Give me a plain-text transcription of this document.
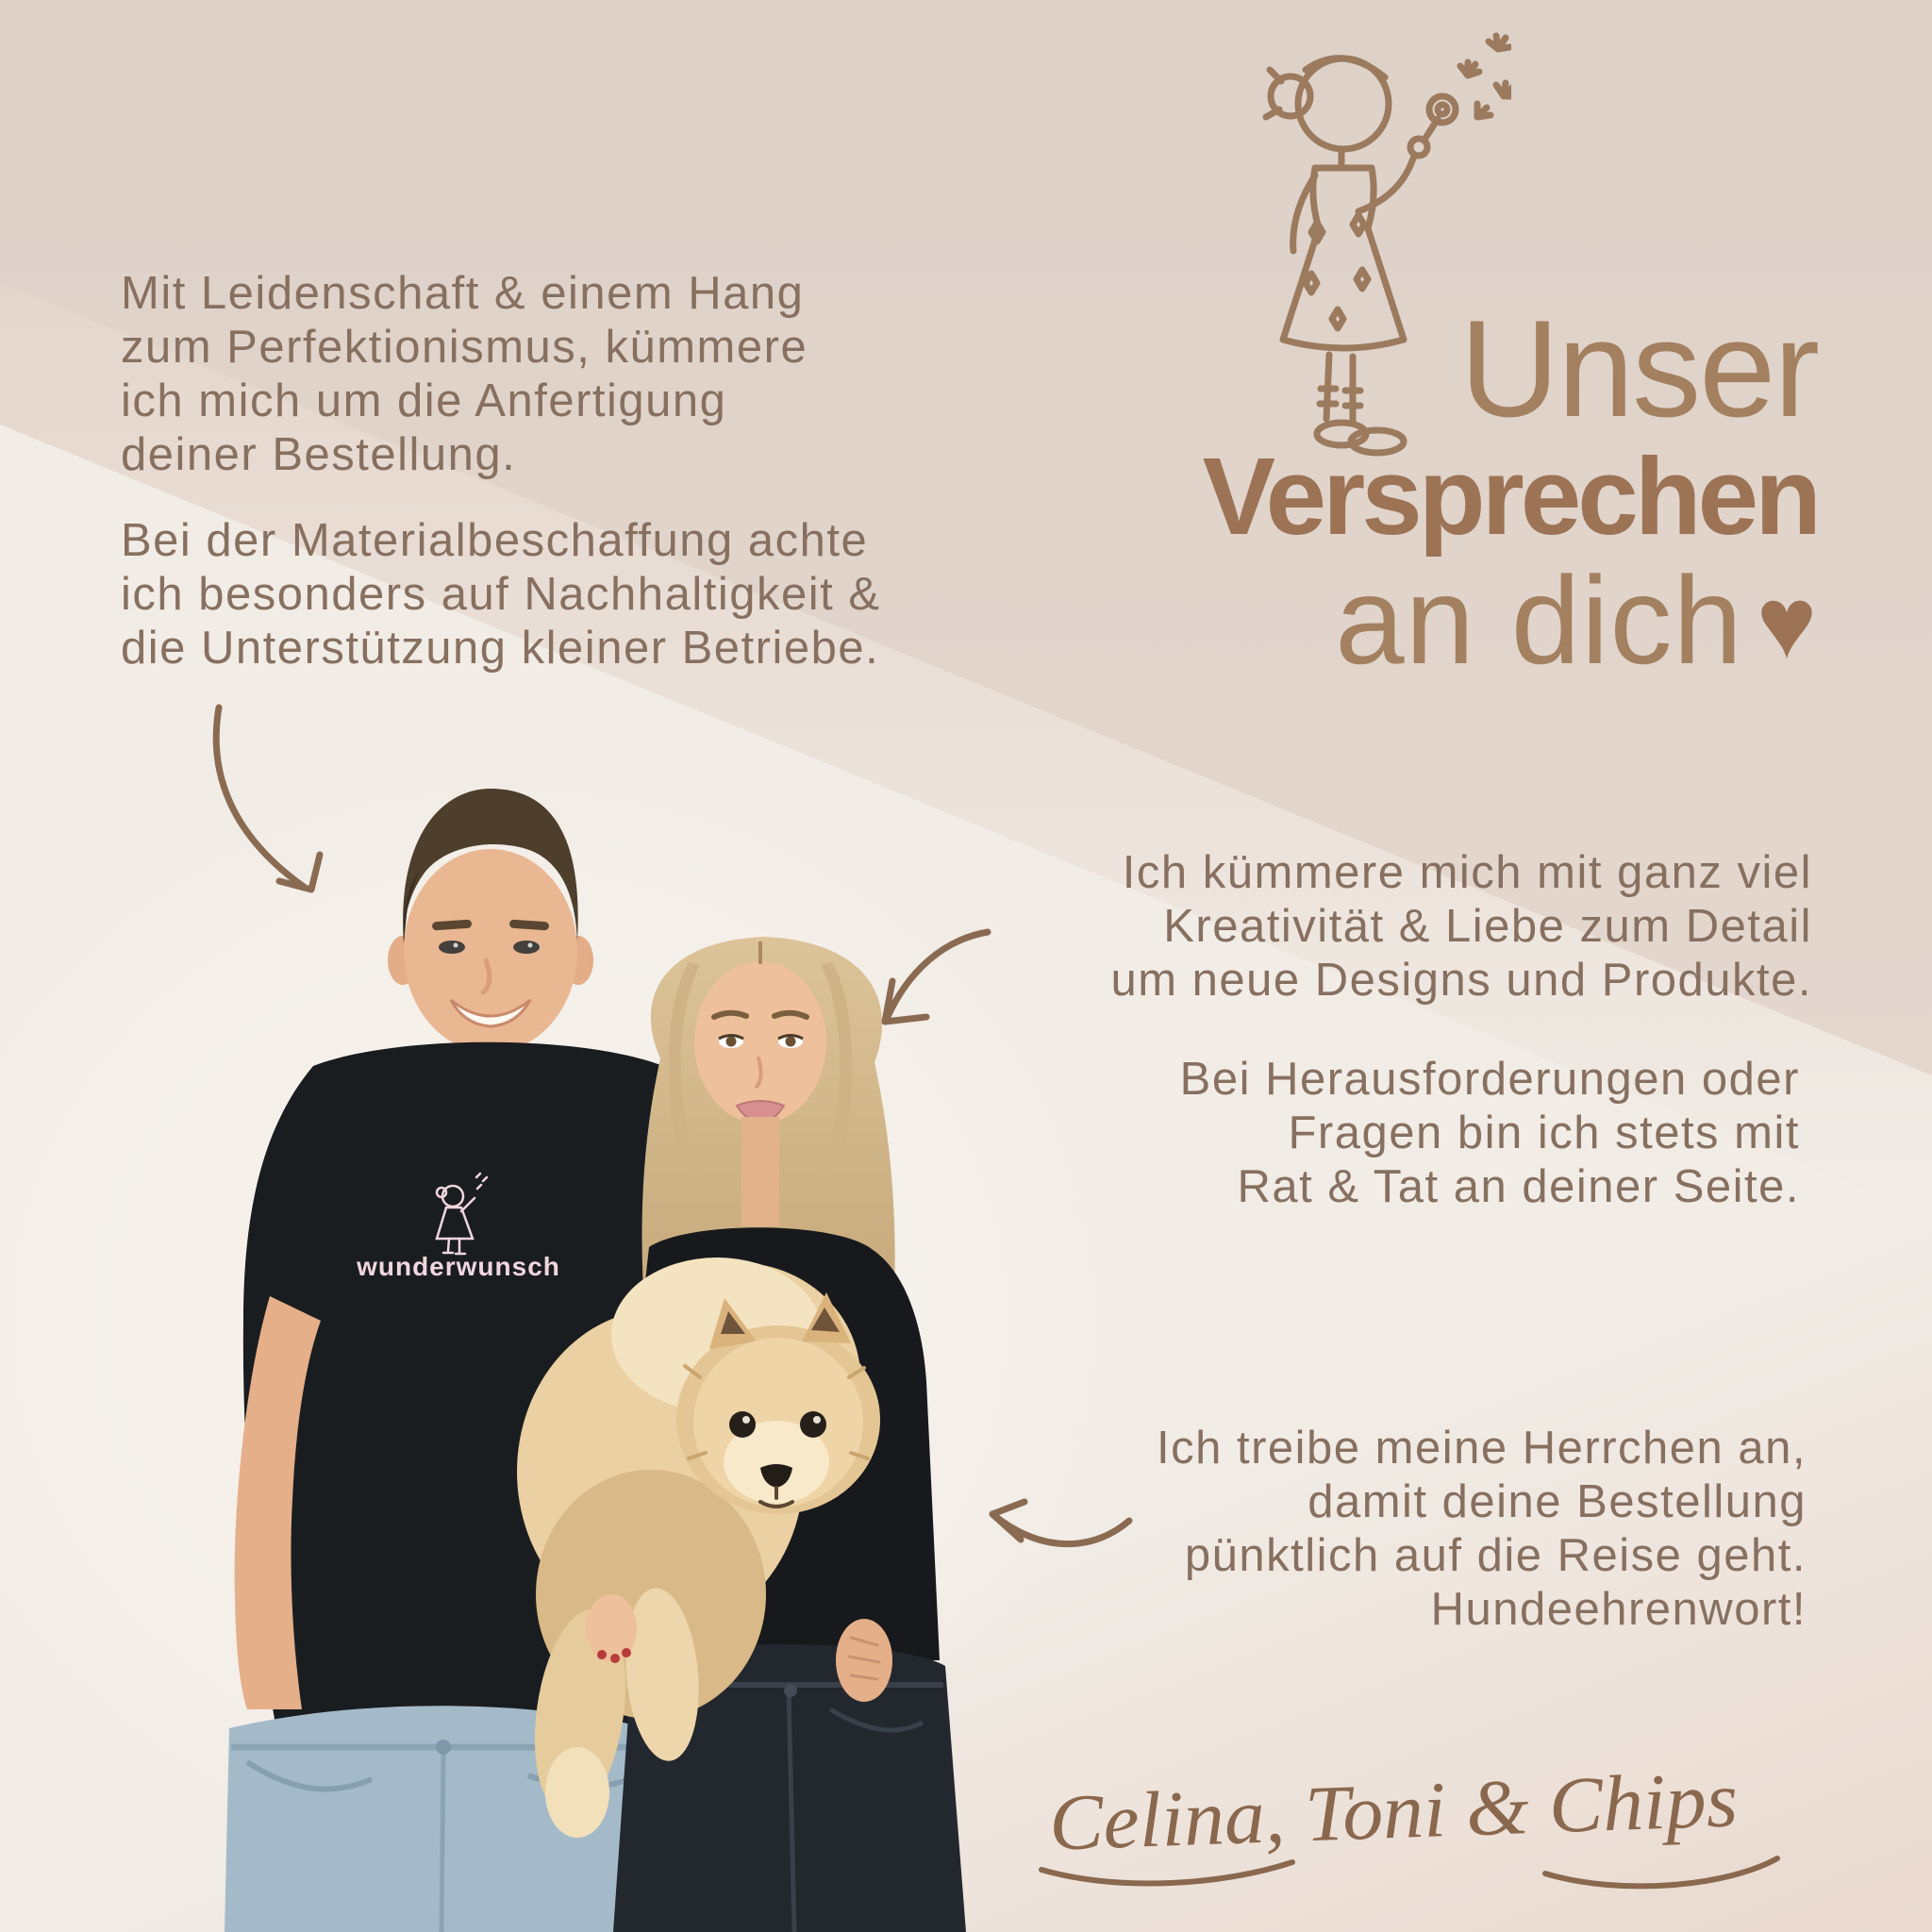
wunderwunsch
Unser
Versprechen
an dich ♥
Mit Leidenschaft & einem Hang
zum Perfektionismus, kümmere
ich mich um die Anfertigung
deiner Bestellung.
Bei der Materialbeschaffung achte
ich besonders auf Nachhaltigkeit &
die Unterstützung kleiner Betriebe.
Ich kümmere mich mit ganz viel
Kreativität & Liebe zum Detail
um neue Designs und Produkte.
Bei Herausforderungen oder
Fragen bin ich stets mit
Rat & Tat an deiner Seite.
Ich treibe meine Herrchen an,
damit deine Bestellung
pünktlich auf die Reise geht.
Hundeehrenwort!
Celina, Toni & Chips
